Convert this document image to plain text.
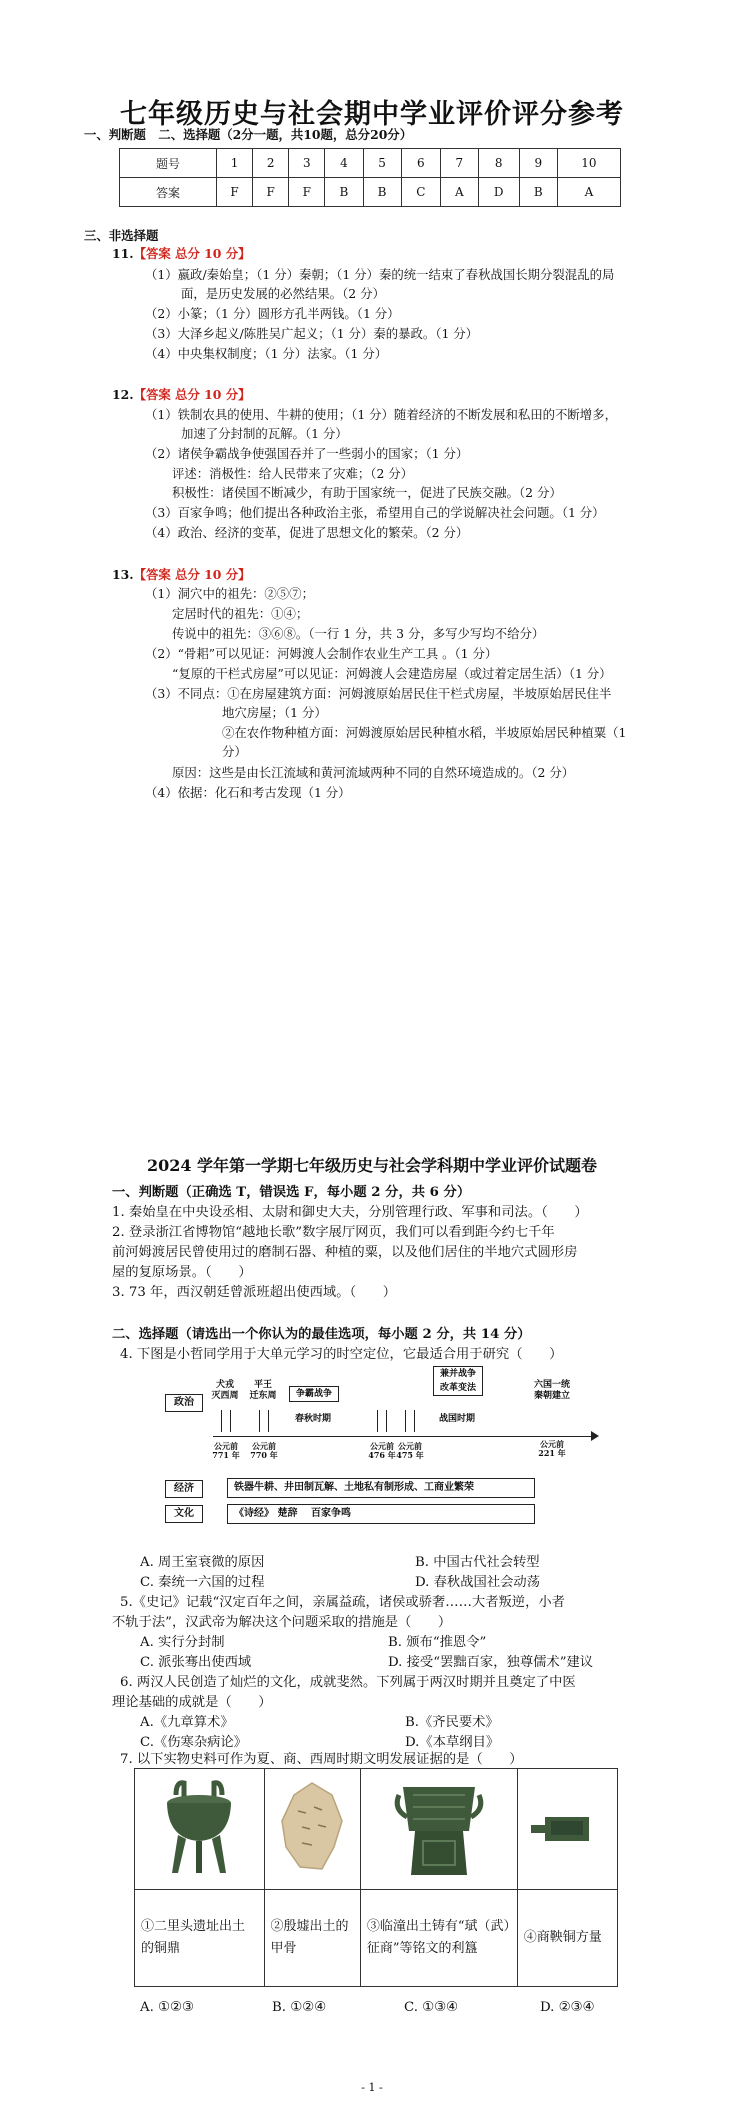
七年级历史与社会期中学业评价评分参考
一、判断题　二、选择题（2分一题，共10题，总分20分）
题号	1	2	3	4	5	6	7	8	9	10
答案	F	F	F	B	B	C	A	D	B	A
三、非选择题
11.【答案 总分 10 分】
（1）嬴政/秦始皇；（1 分）秦朝；（1 分）秦的统一结束了春秋战国长期分裂混乱的局
面，是历史发展的必然结果。（2 分）
（2）小篆；（1 分）圆形方孔半两钱。（1 分）
（3）大泽乡起义/陈胜吴广起义；（1 分）秦的暴政。（1 分）
（4）中央集权制度；（1 分）法家。（1 分）
12.【答案 总分 10 分】
（1）铁制农具的使用、牛耕的使用；（1 分）随着经济的不断发展和私田的不断增多，
加速了分封制的瓦解。（1 分）
（2）诸侯争霸战争使强国吞并了一些弱小的国家；（1 分）
评述：消极性：给人民带来了灾难；（2 分）
积极性：诸侯国不断减少，有助于国家统一，促进了民族交融。（2 分）
（3）百家争鸣；他们提出各种政治主张，希望用自己的学说解决社会问题。（1 分）
（4）政治、经济的变革，促进了思想文化的繁荣。（2 分）
13.【答案 总分 10 分】
（1）洞穴中的祖先：②⑤⑦；
定居时代的祖先：①④；
传说中的祖先：③⑥⑧。（一行 1 分，共 3 分，多写少写均不给分）
（2）“骨耜”可以见证：河姆渡人会制作农业生产工具 。（1 分）
“复原的干栏式房屋”可以见证：河姆渡人会建造房屋（或过着定居生活）（1 分）
（3）不同点：①在房屋建筑方面：河姆渡原始居民住干栏式房屋，半坡原始居民住半
地穴房屋；（1 分）
②在农作物种植方面：河姆渡原始居民种植水稻，半坡原始居民种植粟（1
分）
原因：这些是由长江流域和黄河流域两种不同的自然环境造成的。（2 分）
（4）依据：化石和考古发现（1 分）
2024 学年第一学期七年级历史与社会学科期中学业评价试题卷
一、判断题（正确选 T，错误选 F，每小题 2 分，共 6 分）
1. 秦始皇在中央设丞相、太尉和御史大夫，分別管理行政、军事和司法。（　　）
2. 登录浙江省博物馆“越地长歌”数字展厅网页，我们可以看到距今约七千年
前河姆渡居民曾使用过的磨制石器、种植的粟，以及他们居住的半地穴式圆形房
屋的复原场景。（　　）
3. 73 年，西汉朝廷曾派班超出使西域。（　　）
二、选择题（请选出一个你认为的最佳选项，每小题 2 分，共 14 分）
4. 下图是小哲同学用于大单元学习的时空定位，它最适合用于研究（　　）
政治
经济
文化
犬戎
灭西周
平王
迁东周	争霸战争
春秋时期
兼并战争
改革变法
战国时期
六国一统
秦朝建立
公元前
771 年
公元前
770 年
公元前
476 年
公元前
475 年
公元前
221 年
铁器牛耕、井田制瓦解、土地私有制形成、工商业繁荣
《诗经》 楚辞　 百家争鸣
A. 周王室衰微的原因	B. 中国古代社会转型
C. 秦统一六国的过程	D. 春秋战国社会动荡
5.《史记》记载“汉定百年之间，亲属益疏，诸侯或骄奢……大者叛逆，小者
不轨于法”，汉武帝为解决这个问题采取的措施是（　　）
A. 实行分封制	B. 颁布“推恩令”
C. 派张骞出使西域	D. 接受“罢黜百家，独尊儒术”建议
6. 两汉人民创造了灿烂的文化，成就斐然。下列属于两汉时期并且奠定了中医
理论基础的成就是（　　）
A.《九章算术》	B.《齐民要术》
C.《伤寒杂病论》	D.《本草纲目》
7. 以下实物史料可作为夏、商、西周时期文明发展证据的是（　　）

①二里头遗址出土的铜鼎	②殷墟出土的甲骨	③临潼出土铸有“珷（武）征商”等铭文的利簋	④商鞅铜方量
A. ①②③	B. ①②④	C. ①③④	D. ②③④
- 1 -
